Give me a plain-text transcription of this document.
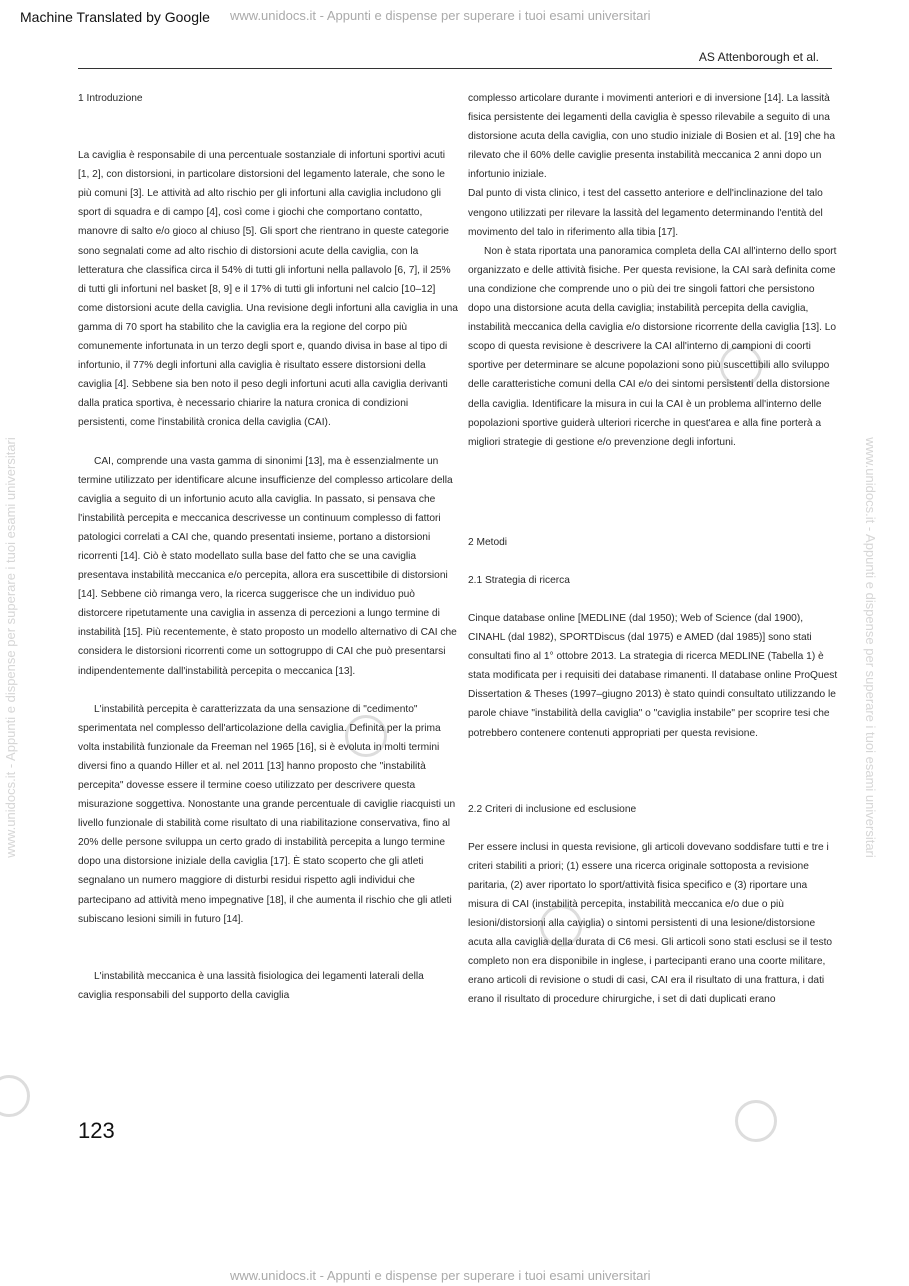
Machine Translated by Google www.unidocs.it - Appunti e dispense per superare i tuoi esami universitari
AS Attenborough et al.
www.unidocs.it - Appunti e dispense per superare i tuoi esami universitari	www.unidocs.it - Appunti e dispense per superare i tuoi esami universitari

1 Introduzione

La caviglia è responsabile di una percentuale sostanziale di infortuni sportivi acuti [1, 2], con distorsioni, in particolare distorsioni del legamento laterale, che sono le più comuni [3]. Le attività ad alto rischio per gli infortuni alla caviglia includono gli sport di squadra e di campo [4], così come i giochi che comportano contatto, manovre di salto e/o gioco al chiuso [5]. Gli sport che rientrano in queste categorie sono segnalati come ad alto rischio di distorsioni acute della caviglia, con la letteratura che classifica circa il 54% di tutti gli infortuni nella pallavolo [6, 7], il 25% di tutti gli infortuni nel basket [8, 9] e il 17% di tutti gli infortuni nel calcio [10–12] come distorsioni acute della caviglia. Una revisione degli infortuni alla caviglia in una gamma di 70 sport ha stabilito che la caviglia era la regione del corpo più comunemente infortunata in un terzo degli sport e, quando divisa in base al tipo di infortunio, il 77% degli infortuni alla caviglia è risultato essere distorsioni della caviglia [4]. Sebbene sia ben noto il peso degli infortuni acuti alla caviglia derivanti dalla pratica sportiva, è necessario chiarire la natura cronica di condizioni persistenti, come l'instabilità cronica della caviglia (CAI).

CAI, comprende una vasta gamma di sinonimi [13], ma è essenzialmente un termine utilizzato per identificare alcune insufficienze del complesso articolare della caviglia a seguito di un infortunio acuto alla caviglia. In passato, si pensava che l'instabilità percepita e meccanica descrivesse un continuum complesso di fattori patologici correlati a CAI che, quando presentati insieme, portano a distorsioni ricorrenti [14]. Ciò è stato modellato sulla base del fatto che se una caviglia presentava instabilità meccanica e/o percepita, allora era suscettibile di distorsioni [14]. Sebbene ciò rimanga vero, la ricerca suggerisce che un individuo può distorcere ripetutamente una caviglia in assenza di percezioni a lungo termine di instabilità [15]. Più recentemente, è stato proposto un modello alternativo di CAI che considera le distorsioni ricorrenti come un sottogruppo di CAI che può presentarsi indipendentemente dall'instabilità percepita o meccanica [13].

L'instabilità percepita è caratterizzata da una sensazione di "cedimento" sperimentata nel complesso dell'articolazione della caviglia. Definita per la prima volta instabilità funzionale da Freeman nel 1965 [16], si è evoluta in molti termini diversi fino a quando Hiller et al. nel 2011 [13] hanno proposto che "instabilità percepita" dovesse essere il termine coeso utilizzato per descrivere questa misurazione soggettiva. Nonostante una grande percentuale di caviglie riacquisti un livello funzionale di stabilità come risultato di una riabilitazione conservativa, fino al 20% delle persone sviluppa un certo grado di instabilità percepita a lungo termine dopo una distorsione iniziale della caviglia [17]. È stato scoperto che gli atleti segnalano un numero maggiore di disturbi residui rispetto agli individui che partecipano ad attività meno impegnative [18], il che aumenta il rischio che gli atleti subiscano lesioni simili in futuro [14].

L'instabilità meccanica è una lassità fisiologica dei legamenti laterali della caviglia responsabili del supporto della caviglia

complesso articolare durante i movimenti anteriori e di inversione [14]. La lassità fisica persistente dei legamenti della caviglia è spesso rilevabile a seguito di una distorsione acuta della caviglia, con uno studio iniziale di Bosien et al. [19] che ha rilevato che il 60% delle caviglie presenta instabilità meccanica 2 anni dopo un infortunio iniziale.

Dal punto di vista clinico, i test del cassetto anteriore e dell'inclinazione del talo vengono utilizzati per rilevare la lassità del legamento determinando l'entità del movimento del talo in riferimento alla tibia [17].

Non è stata riportata una panoramica completa della CAI all'interno dello sport organizzato e delle attività fisiche. Per questa revisione, la CAI sarà definita come una condizione che comprende uno o più dei tre singoli fattori che persistono dopo una distorsione acuta della caviglia; instabilità percepita della caviglia, instabilità meccanica della caviglia e/o distorsione ricorrente della caviglia [13]. Lo scopo di questa revisione è descrivere la CAI all'interno di campioni di coorti sportive per determinare se alcune popolazioni sono più suscettibili allo sviluppo delle caratteristiche comuni della CAI e/o dei sintomi persistenti della distorsione della caviglia. Identificare la misura in cui la CAI è un problema all'interno delle popolazioni sportive guiderà ulteriori ricerche in quest'area e alla fine porterà a migliori strategie di gestione e/o prevenzione degli infortuni.

2 Metodi

2.1 Strategia di ricerca

Cinque database online [MEDLINE (dal 1950); Web of Science (dal 1900), CINAHL (dal 1982), SPORTDiscus (dal 1975) e AMED (dal 1985)] sono stati consultati fino al 1° ottobre 2013. La strategia di ricerca MEDLINE (Tabella 1) è stata modificata per i requisiti dei database rimanenti. Il database online ProQuest Dissertation & Theses (1997–giugno 2013) è stato quindi consultato utilizzando le parole chiave "instabilità della caviglia" o "caviglia instabile" per scoprire tesi che potrebbero contenere contenuti appropriati per questa revisione.

2.2 Criteri di inclusione ed esclusione

Per essere inclusi in questa revisione, gli articoli dovevano soddisfare tutti e tre i criteri stabiliti a priori; (1) essere una ricerca originale sottoposta a revisione paritaria, (2) aver riportato lo sport/attività fisica specifico e (3) riportare una misura di CAI (instabilità percepita, instabilità meccanica e/o due o più lesioni/distorsioni alla caviglia) o sintomi persistenti di una lesione/distorsione acuta alla caviglia della durata di C6 mesi. Gli articoli sono stati esclusi se il testo completo non era disponibile in inglese, i partecipanti erano una coorte militare, erano articoli di revisione o studi di casi, CAI era il risultato di una frattura, i dati erano il risultato di procedure chirurgiche, i set di dati duplicati erano

123
www.unidocs.it - Appunti e dispense per superare i tuoi esami universitari
